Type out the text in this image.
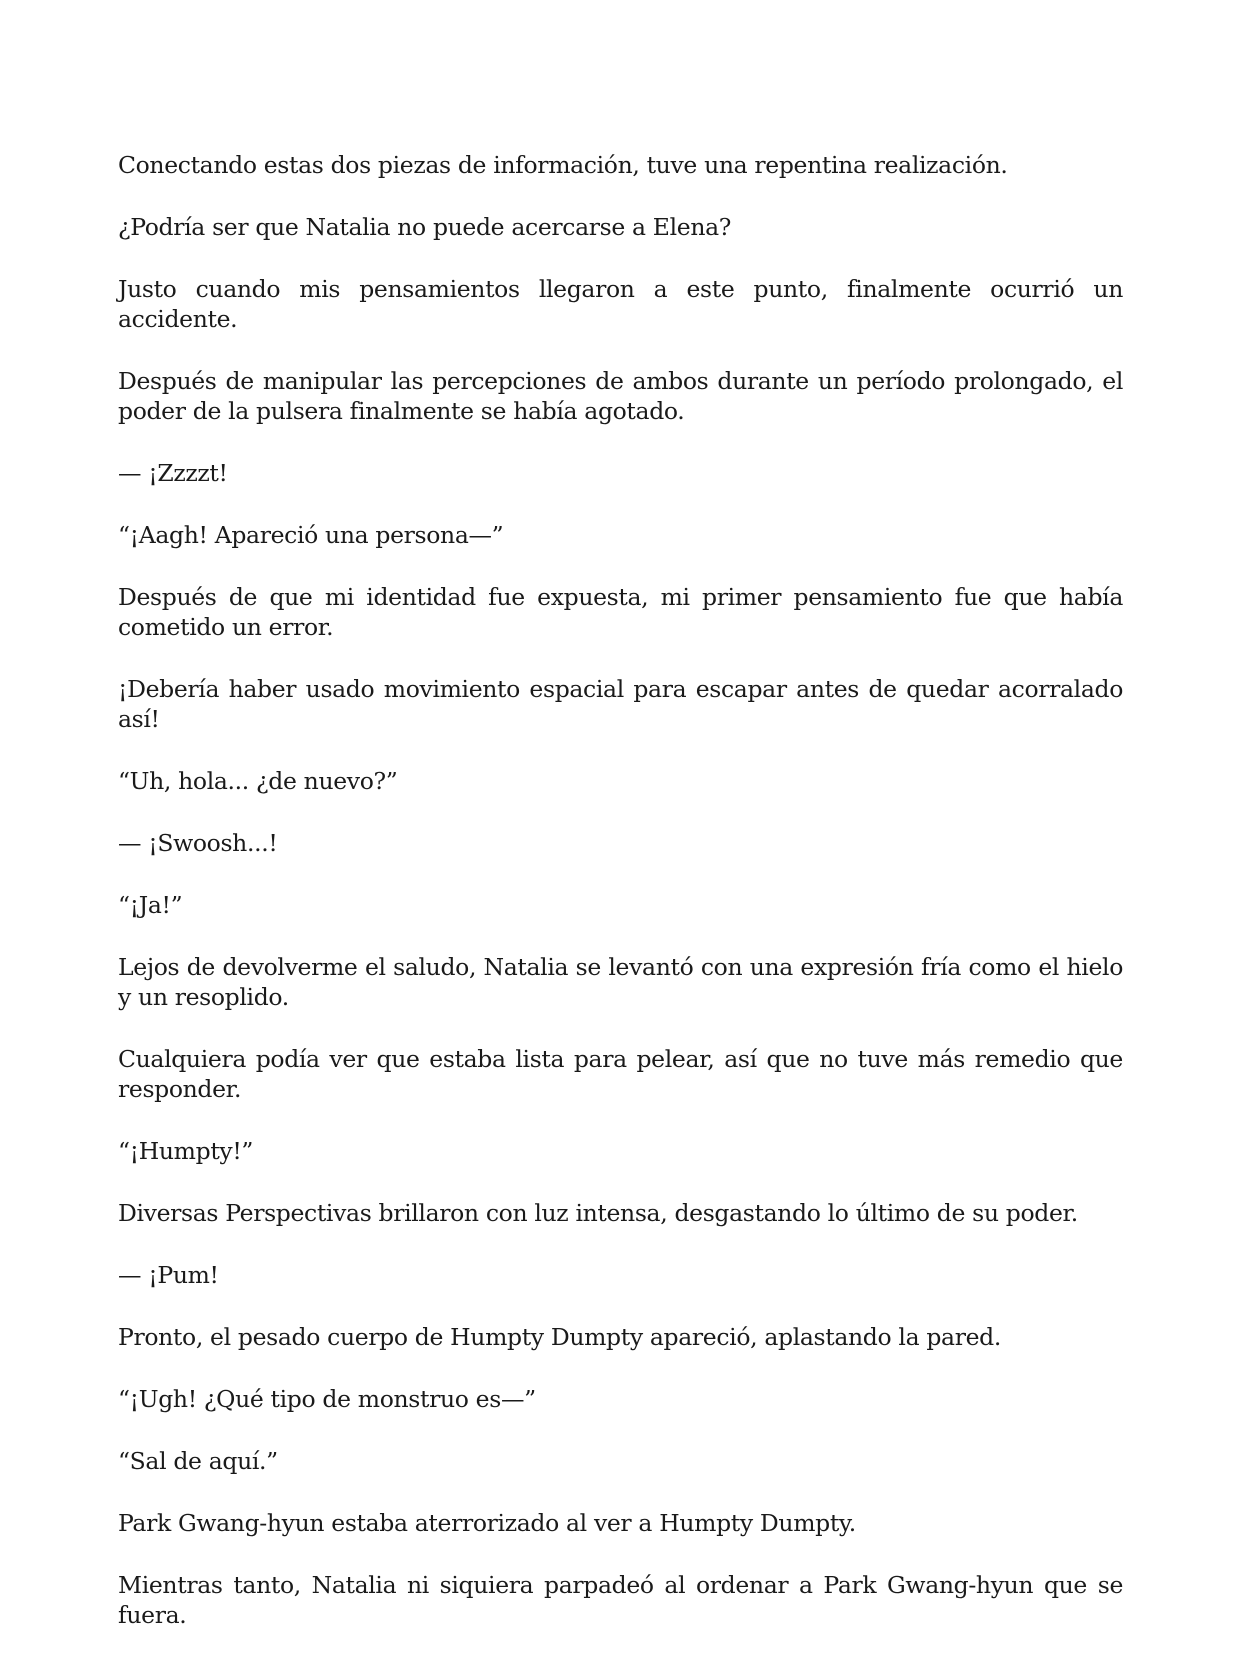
Conectando estas dos piezas de información, tuve una repentina realización.

¿Podría ser que Natalia no puede acercarse a Elena?

Justo cuando mis pensamientos llegaron a este punto, finalmente ocurrió un accidente.

Después de manipular las percepciones de ambos durante un período prolongado, el poder de la pulsera finalmente se había agotado.

— ¡Zzzzt!

“¡Aagh! Apareció una persona—”

Después de que mi identidad fue expuesta, mi primer pensamiento fue que había cometido un error.

¡Debería haber usado movimiento espacial para escapar antes de quedar acorralado así!

“Uh, hola... ¿de nuevo?”

— ¡Swoosh...!

“¡Ja!”

Lejos de devolverme el saludo, Natalia se levantó con una expresión fría como el hielo y un resoplido.

Cualquiera podía ver que estaba lista para pelear, así que no tuve más remedio que responder.

“¡Humpty!”

Diversas Perspectivas brillaron con luz intensa, desgastando lo último de su poder.

— ¡Pum!

Pronto, el pesado cuerpo de Humpty Dumpty apareció, aplastando la pared.

“¡Ugh! ¿Qué tipo de monstruo es—”

“Sal de aquí.”

Park Gwang-hyun estaba aterrorizado al ver a Humpty Dumpty.

Mientras tanto, Natalia ni siquiera parpadeó al ordenar a Park Gwang-hyun que se fuera.
